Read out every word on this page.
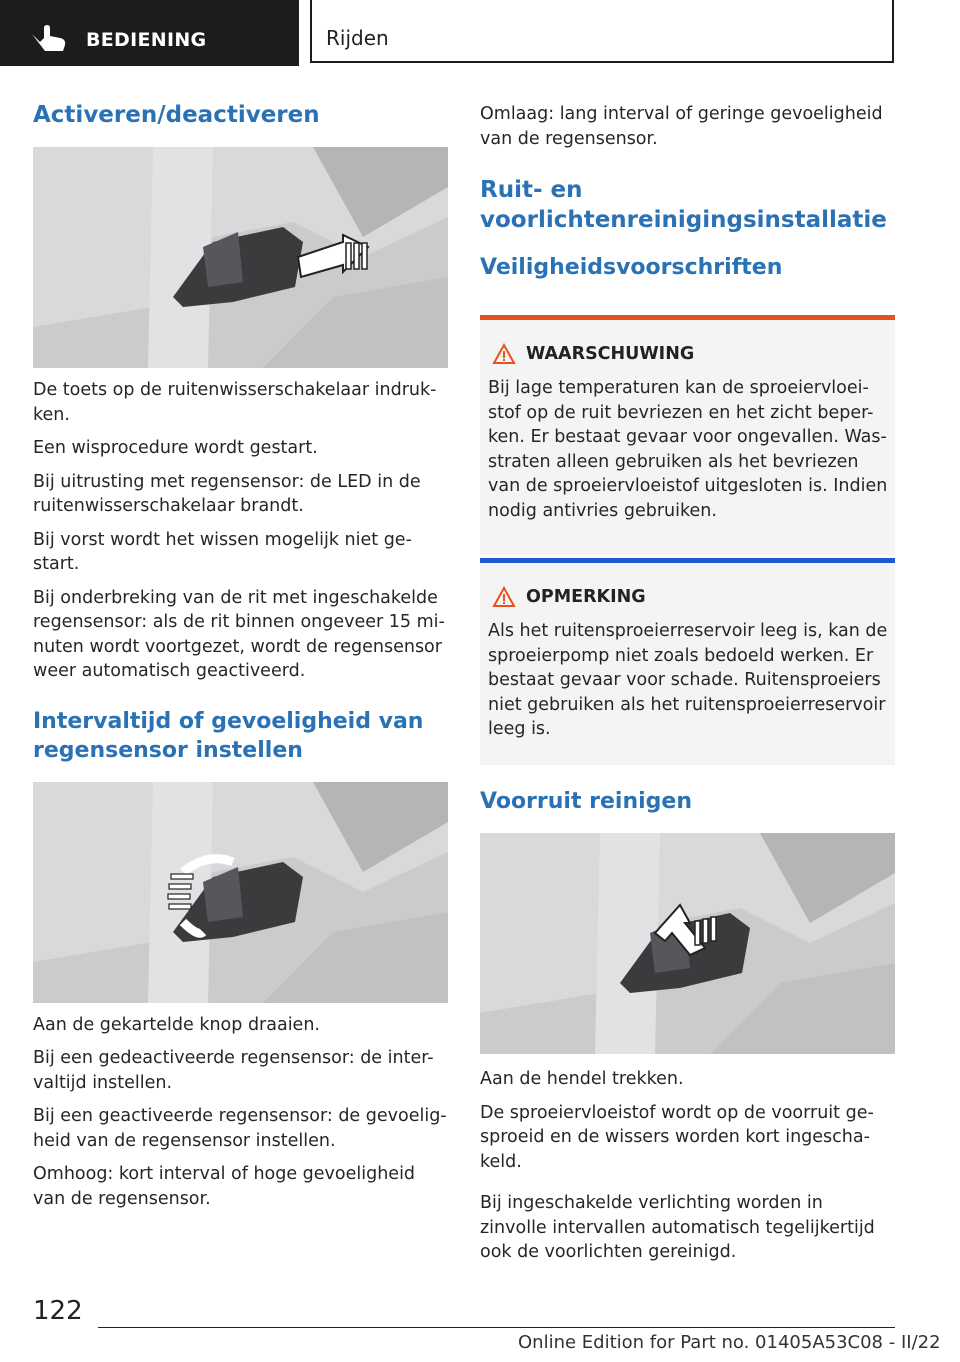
BEDIENING	Rijden
Activeren/deactiveren

De toets op de ruitenwisserschakelaar indruk-ken.

Een wisprocedure wordt gestart.

Bij uitrusting met regensensor: de LED in de ruitenwisserschakelaar brandt.

Bij vorst wordt het wissen mogelijk niet ge-start.

Bij onderbreking van de rit met ingeschakelde regensensor: als de rit binnen ongeveer 15 mi-nuten wordt voortgezet, wordt de regensensor weer automatisch geactiveerd.

Intervaltijd of gevoeligheid van regensensor instellen

Aan de gekartelde knop draaien.

Bij een gedeactiveerde regensensor: de inter-valtijd instellen.

Bij een geactiveerde regensensor: de gevoelig-heid van de regensensor instellen.

Omhoog: kort interval of hoge gevoeligheid van de regensensor.

Omlaag: lang interval of geringe gevoeligheid van de regensensor.

Ruit- en voorlichtenreinigingsinstallatie
Veiligheidsvoorschriften
WAARSCHUWING
Bij lage temperaturen kan de sproeiervloei-stof op de ruit bevriezen en het zicht beper-ken. Er bestaat gevaar voor ongevallen. Was-straten alleen gebruiken als het bevriezen van de sproeiervloeistof uitgesloten is. Indien nodig antivries gebruiken.
OPMERKING
Als het ruitensproeierreservoir leeg is, kan de sproeierpomp niet zoals bedoeld werken. Er bestaat gevaar voor schade. Ruitensproeiers niet gebruiken als het ruitensproeierreservoir leeg is.
Voorruit reinigen

Aan de hendel trekken.

De sproeiervloeistof wordt op de voorruit ge-sproeid en de wissers worden kort ingescha-keld.

Bij ingeschakelde verlichting worden in zinvolle intervallen automatisch tegelijkertijd ook de voorlichten gereinigd.

122
Online Edition for Part no. 01405A53C08 - II/22
